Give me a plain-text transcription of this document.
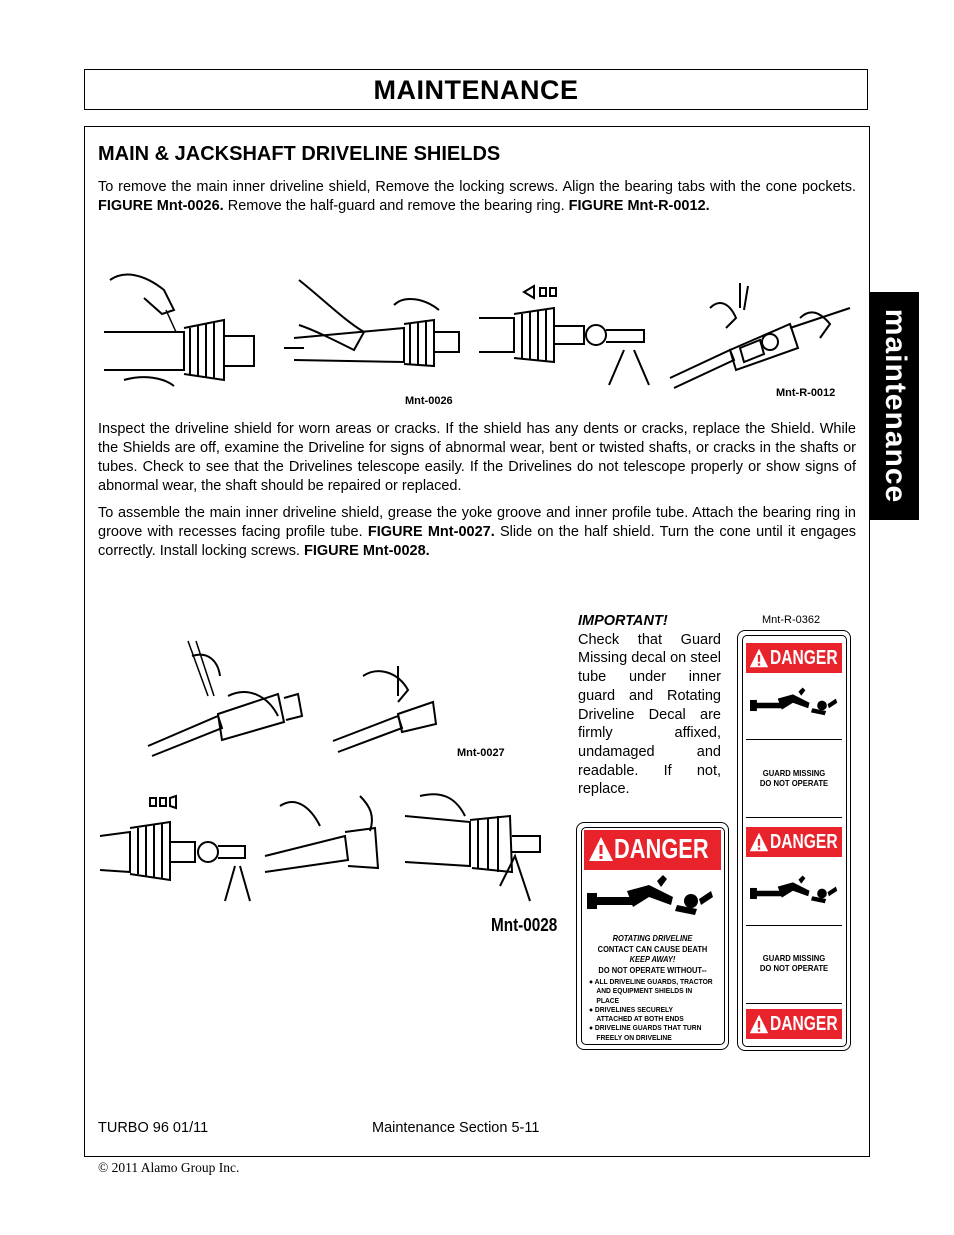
MAINTENANCE
maintenance
MAIN & JACKSHAFT DRIVELINE SHIELDS

To remove the main inner driveline shield, Remove the locking screws. Align the bearing tabs with the cone pockets. FIGURE Mnt-0026. Remove the half-guard and remove the bearing ring. FIGURE Mnt-R-0012.

Mnt-0026
Mnt-R-0012

Inspect the driveline shield for worn areas or cracks. If the shield has any dents or cracks, replace the Shield. While the Shields are off, examine the Driveline for signs of abnormal wear, bent or twisted shafts, or cracks in the shafts or tubes. Check to see that the Drivelines telescope easily. If the Drivelines do not telescope properly or show signs of abnormal wear, the shaft should be repaired or replaced.

To assemble the main inner driveline shield, grease the yoke groove and inner profile tube. Attach the bearing ring in groove with recesses facing profile tube. FIGURE Mnt-0027. Slide on the half shield. Turn the cone until it engages correctly. Install locking screws. FIGURE Mnt-0028.

Mnt-0027
Mnt-0028
IMPORTANT!
Check that Guard Missing decal on steel tube under inner guard and Rotating Driveline Decal are firmly affixed, undamaged and readable. If not, replace.
Mnt-R-0362
DANGER
ROTATING DRIVELINE
CONTACT CAN CAUSE DEATH
KEEP AWAY!
DO NOT OPERATE WITHOUT--
● ALL DRIVELINE GUARDS, TRACTOR
AND EQUIPMENT SHIELDS IN PLACE
● DRIVELINES SECURELY
ATTACHED AT BOTH ENDS
● DRIVELINE GUARDS THAT TURN
FREELY ON DRIVELINE
DANGER
GUARD MISSING
DO NOT OPERATE
DANGER
GUARD MISSING
DO NOT OPERATE
DANGER
TURBO 96 01/11	Maintenance Section 5-11
© 2011 Alamo Group Inc.
